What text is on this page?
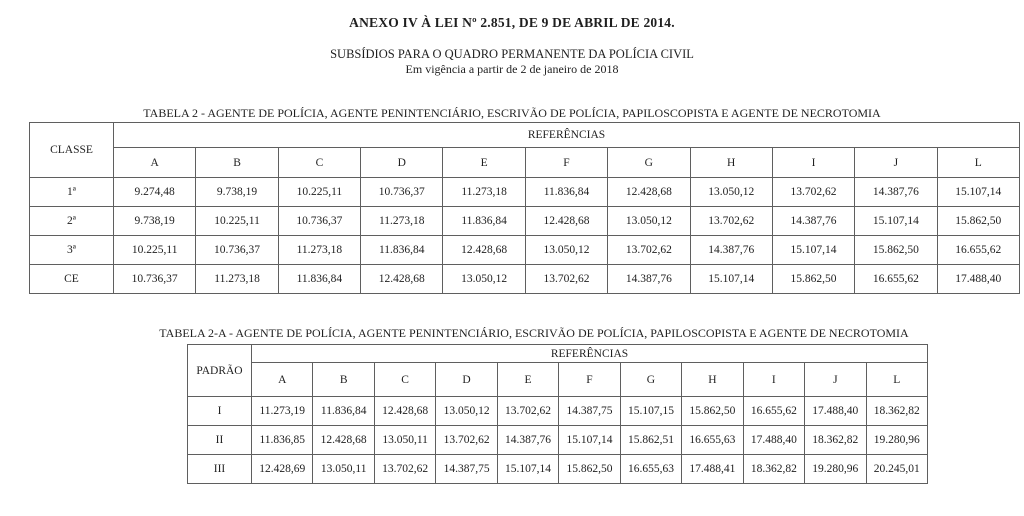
ANEXO IV À LEI Nº 2.851, DE 9 DE ABRIL DE 2014.
SUBSÍDIOS PARA O QUADRO PERMANENTE DA POLÍCIA CIVIL
Em vigência a partir de 2 de janeiro de 2018
TABELA 2 - AGENTE DE POLÍCIA, AGENTE PENINTENCIÁRIO, ESCRIVÃO DE POLÍCIA, PAPILOSCOPISTA E AGENTE DE NECROTOMIA
CLASSE	REFERÊNCIAS										
	A	B	C	D	E	F	G	H	I	J	L
1ª	9.274,48	9.738,19	10.225,11	10.736,37	11.273,18	11.836,84	12.428,68	13.050,12	13.702,62	14.387,76	15.107,14
2ª	9.738,19	10.225,11	10.736,37	11.273,18	11.836,84	12.428,68	13.050,12	13.702,62	14.387,76	15.107,14	15.862,50
3ª	10.225,11	10.736,37	11.273,18	11.836,84	12.428,68	13.050,12	13.702,62	14.387,76	15.107,14	15.862,50	16.655,62
CE	10.736,37	11.273,18	11.836,84	12.428,68	13.050,12	13.702,62	14.387,76	15.107,14	15.862,50	16.655,62	17.488,40
TABELA 2-A - AGENTE DE POLÍCIA, AGENTE PENINTENCIÁRIO, ESCRIVÃO DE POLÍCIA, PAPILOSCOPISTA E AGENTE DE NECROTOMIA
PADRÃO	REFERÊNCIAS										
	A	B	C	D	E	F	G	H	I	J	L
I	11.273,19	11.836,84	12.428,68	13.050,12	13.702,62	14.387,75	15.107,15	15.862,50	16.655,62	17.488,40	18.362,82
II	11.836,85	12.428,68	13.050,11	13.702,62	14.387,76	15.107,14	15.862,51	16.655,63	17.488,40	18.362,82	19.280,96
III	12.428,69	13.050,11	13.702,62	14.387,75	15.107,14	15.862,50	16.655,63	17.488,41	18.362,82	19.280,96	20.245,01
